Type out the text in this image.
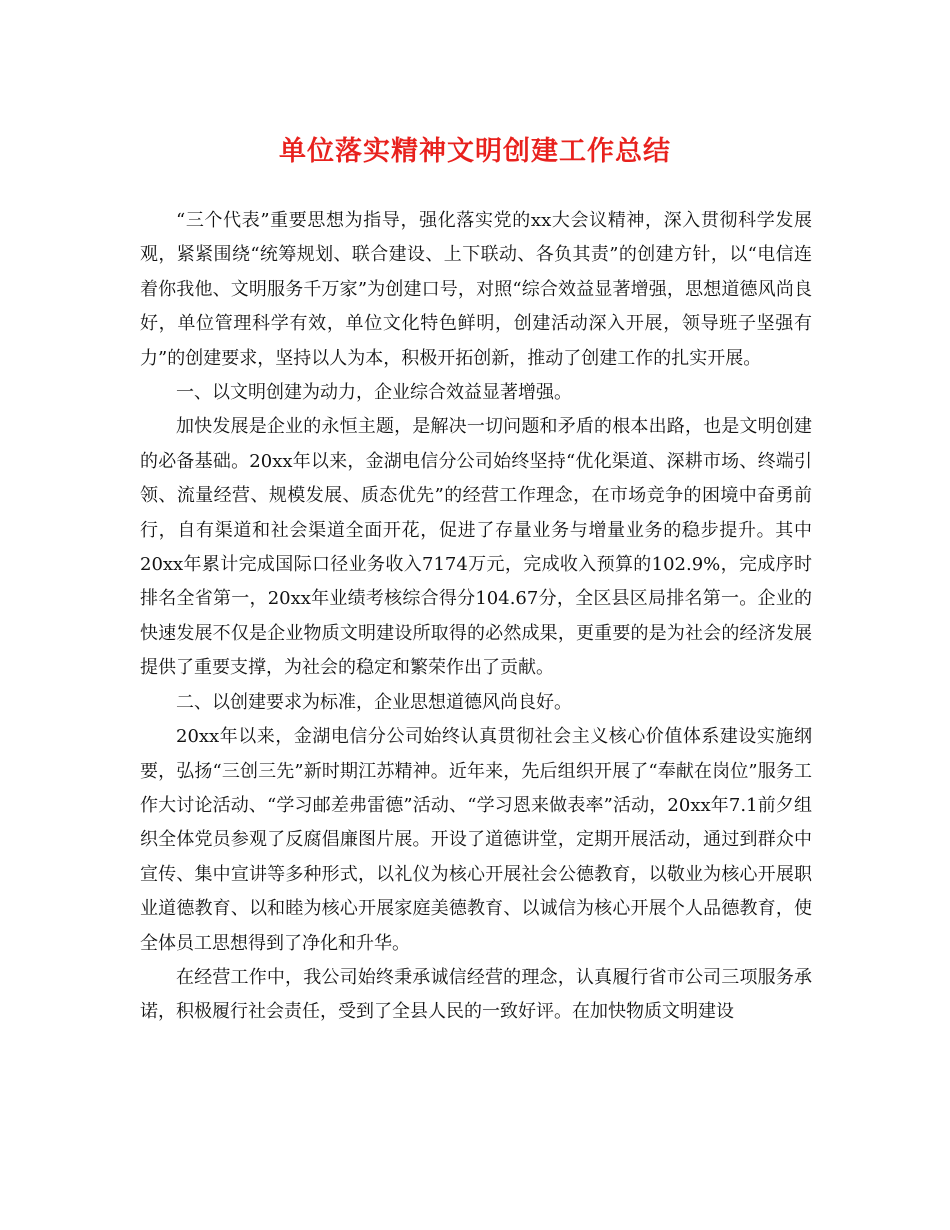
单位落实精神文明创建工作总结

“三个代表”重要思想为指导，强化落实党的xx大会议精神，深入贯彻科学发展观，紧紧围绕“统筹规划、联合建设、上下联动、各负其责”的创建方针，以“电信连着你我他、文明服务千万家”为创建口号，对照“综合效益显著增强，思想道德风尚良好，单位管理科学有效，单位文化特色鲜明，创建活动深入开展，领导班子坚强有力”的创建要求，坚持以人为本，积极开拓创新，推动了创建工作的扎实开展。

一、以文明创建为动力，企业综合效益显著增强。

加快发展是企业的永恒主题，是解决一切问题和矛盾的根本出路，也是文明创建的必备基础。20xx年以来，金湖电信分公司始终坚持“优化渠道、深耕市场、终端引领、流量经营、规模发展、质态优先”的经营工作理念，在市场竞争的困境中奋勇前行，自有渠道和社会渠道全面开花，促进了存量业务与增量业务的稳步提升。其中20xx年累计完成国际口径业务收入7174万元，完成收入预算的102.9%，完成序时排名全省第一，20xx年业绩考核综合得分104.67分，全区县区局排名第一。企业的快速发展不仅是企业物质文明建设所取得的必然成果，更重要的是为社会的经济发展提供了重要支撑，为社会的稳定和繁荣作出了贡献。

二、以创建要求为标准，企业思想道德风尚良好。

20xx年以来，金湖电信分公司始终认真贯彻社会主义核心价值体系建设实施纲要，弘扬“三创三先”新时期江苏精神。近年来，先后组织开展了“奉献在岗位”服务工作大讨论活动、“学习邮差弗雷德”活动、“学习恩来做表率”活动，20xx年7.1前夕组织全体党员参观了反腐倡廉图片展。开设了道德讲堂，定期开展活动，通过到群众中宣传、集中宣讲等多种形式，以礼仪为核心开展社会公德教育，以敬业为核心开展职业道德教育、以和睦为核心开展家庭美德教育、以诚信为核心开展个人品德教育，使全体员工思想得到了净化和升华。

在经营工作中，我公司始终秉承诚信经营的理念，认真履行省市公司三项服务承诺，积极履行社会责任，受到了全县人民的一致好评。在加快物质文明建设
